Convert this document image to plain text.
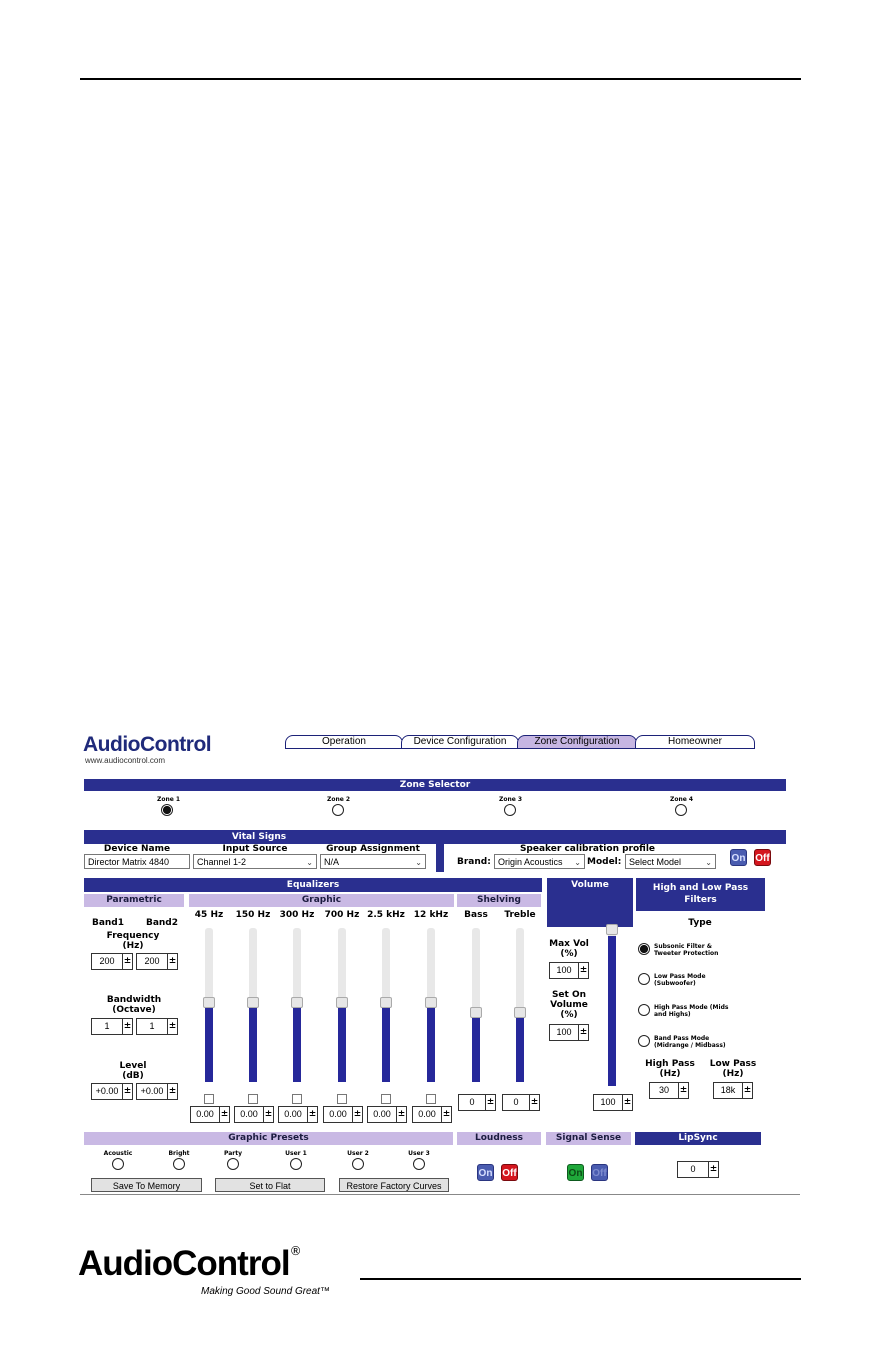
AudioControl
www.audiocontrol.com
Operation	Device Configuration	Zone Configuration	Homeowner
Zone Selector
Zone 1	Zone 2	Zone 3	Zone 4
Vital Signs
Device Name
Director Matrix 4840
Input Source
Channel 1-2	⌄
Group Assignment
N/A	⌄
Speaker calibration profile
Brand: Origin Acoustics ⌄ Model: Select Model	⌄ On Off
Equalizers	Volume	High and Low Pass Filters
Parametric	Graphic	Shelving
Band1	Band2
Frequency (Hz)
200	±	200	±
Bandwidth (Octave)
1	±	1	±
Level (dB)
+0.00 ±	+0.00 ±
45 Hz
0.00 ±
150 Hz
0.00 ±
300 Hz
0.00 ±
700 Hz
0.00 ±
2.5 kHz
0.00 ±
12 kHz
0.00 ±
Bass
0	±
Treble
0	±
Max Vol (%)
100 ±
Set On Volume (%)
100 ±
100 ±
Type
Subsonic Filter & Tweeter Protection
Low Pass Mode (Subwoofer)
High Pass Mode (Mids and Highs)
Band Pass Mode (Midrange / Midbass)
High Pass (Hz)
30	±
Low Pass (Hz)
18k ±
Graphic Presets
Acoustic	Bright	Party	User 1	User 2	User 3
Save To Memory	Set to Flat	Restore Factory Curves
Loudness
On Off
Signal Sense
On Off
LipSync
0	±
AudioControl®
Making Good Sound Great™
